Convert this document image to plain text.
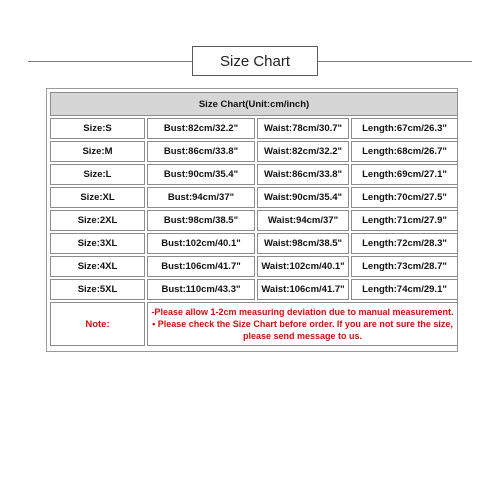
Size Chart
Size Chart(Unit:cm/inch)			
Size:S	Bust:82cm/32.2"	Waist:78cm/30.7"	Length:67cm/26.3"
Size:M	Bust:86cm/33.8"	Waist:82cm/32.2"	Length:68cm/26.7"
Size:L	Bust:90cm/35.4"	Waist:86cm/33.8"	Length:69cm/27.1"
Size:XL	Bust:94cm/37"	Waist:90cm/35.4"	Length:70cm/27.5"
Size:2XL	Bust:98cm/38.5"	Waist:94cm/37"	Length:71cm/27.9"
Size:3XL	Bust:102cm/40.1"	Waist:98cm/38.5"	Length:72cm/28.3"
Size:4XL	Bust:106cm/41.7"	Waist:102cm/40.1"	Length:73cm/28.7"
Size:5XL	Bust:110cm/43.3"	Waist:106cm/41.7"	Length:74cm/29.1"
Note:	-Please allow 1-2cm measuring deviation due to manual measurement.
• Please check the Size Chart before order. If you are not sure the size, please send message to us.		
